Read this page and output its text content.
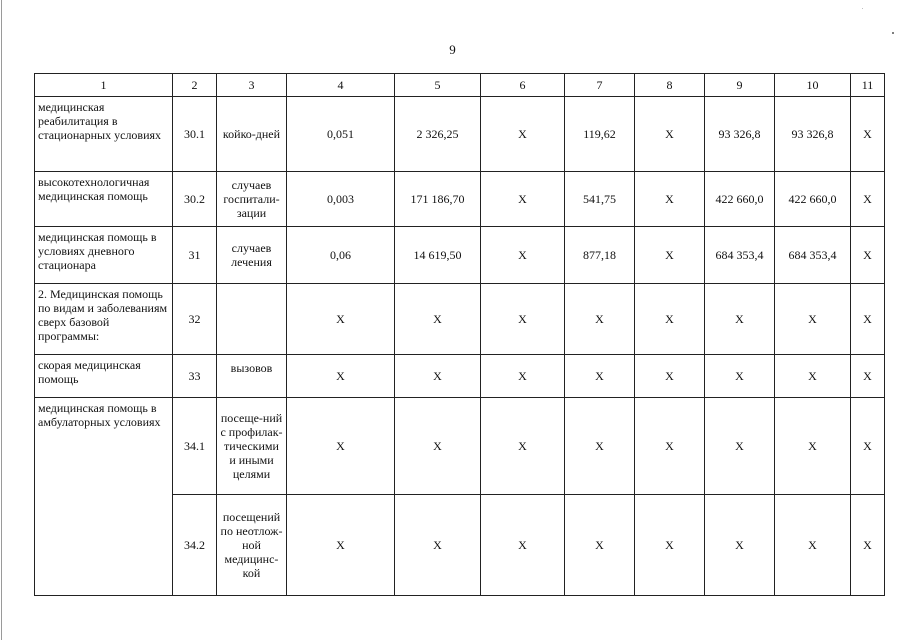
9
1	2	3	4	5	6	7	8	9	10	11
медицинская реабилитация в стационарных условиях	30.1	койко-дней	0,051	2 326,25	Х	119,62	Х	93 326,8	93 326,8	Х
высокотехнологичная медицинская помощь	30.2	случаев госпитали-зации	0,003	171 186,70	Х	541,75	Х	422 660,0	422 660,0	Х
медицинская помощь в условиях дневного стационара	31	случаев лечения	0,06	14 619,50	Х	877,18	Х	684 353,4	684 353,4	Х
2. Медицинская помощь по видам и заболеваниям сверх базовой программы:	32		Х	Х	Х	Х	Х	Х	Х	Х
скорая медицинская помощь	33	вызовов	Х	Х	Х	Х	Х	Х	Х	Х
медицинская помощь в амбулаторных условиях	34.1	посеще-ний с профилак-тическими и иными целями	Х	Х	Х	Х	Х	Х	Х	Х
	34.2	посещений по неотлож-ной медицинс-кой	Х	Х	Х	Х	Х	Х	Х	Х
